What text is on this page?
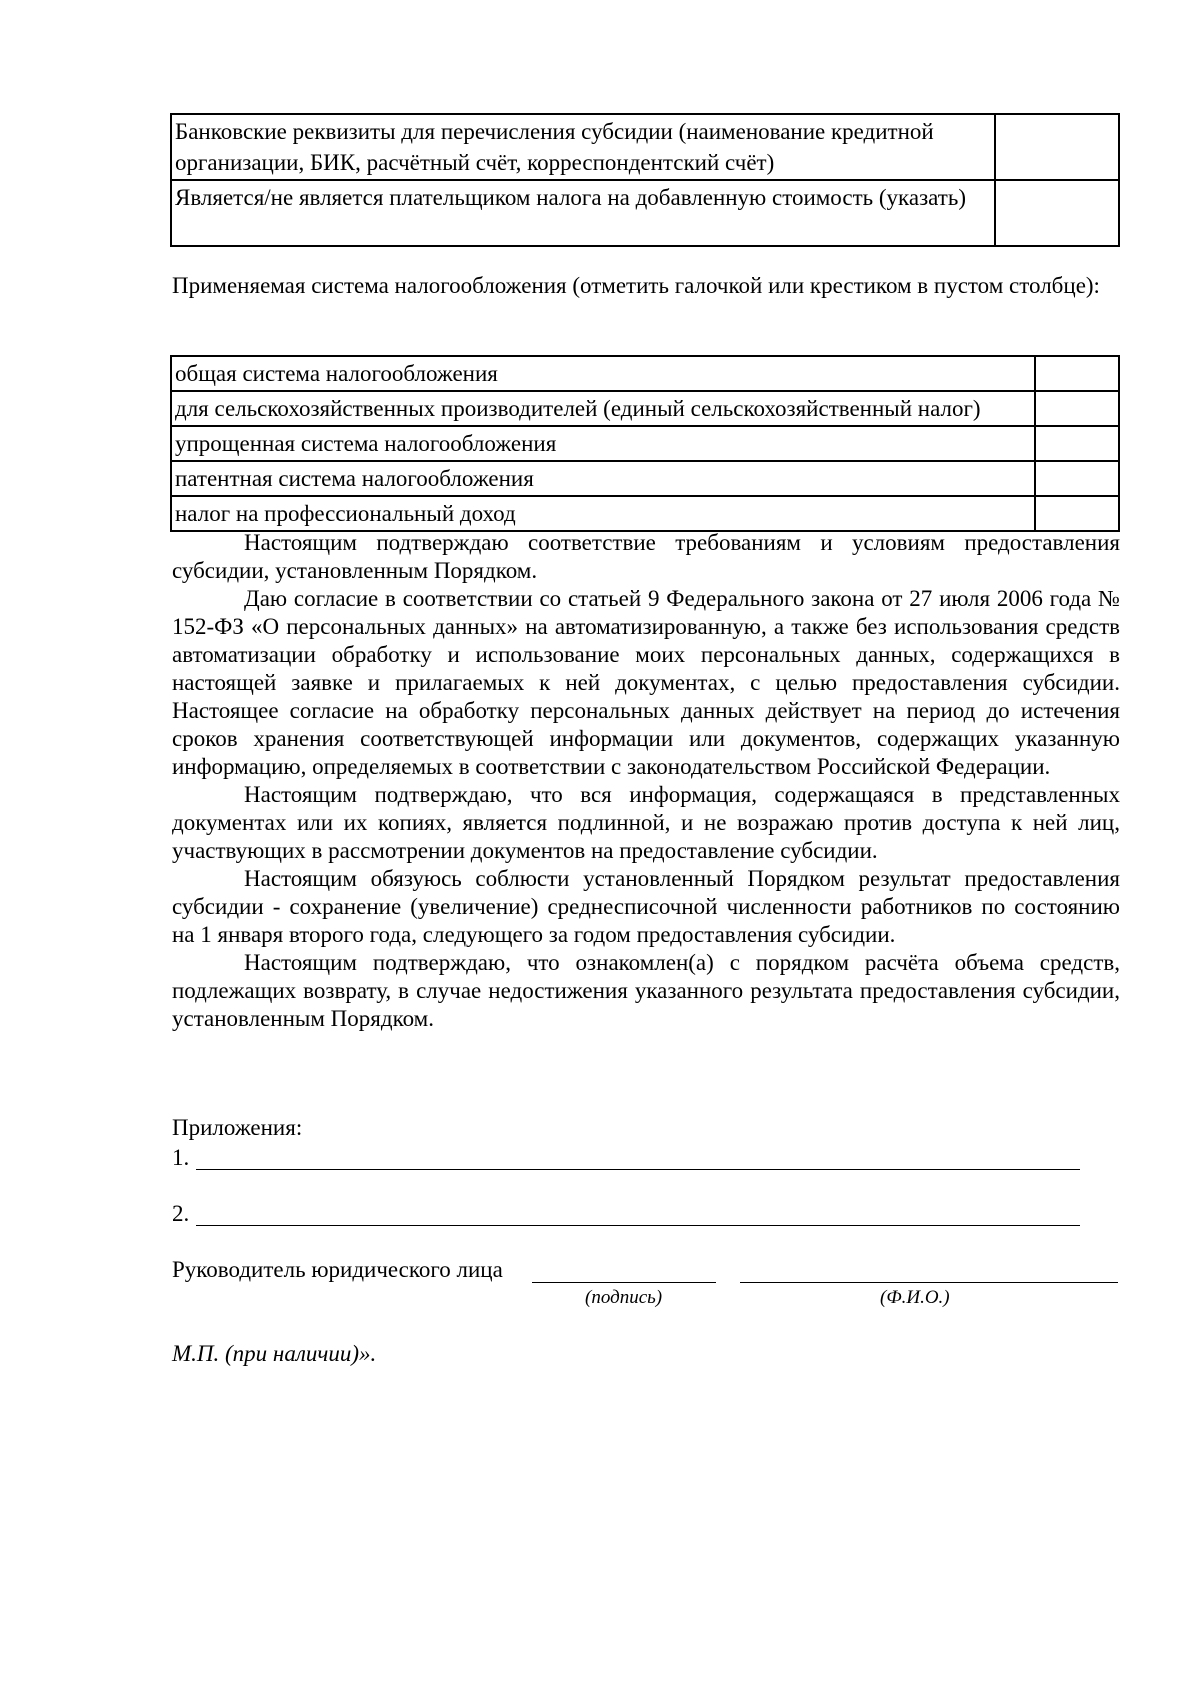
Банковские реквизиты для перечисления субсидии (наименование кредитной организации, БИК, расчётный счёт, корреспондентский счёт)	
Является/не является плательщиком налога на добавленную стоимость (указать)	
Применяемая система налогообложения (отметить галочкой или крестиком в пустом столбце):
общая система налогообложения	
для сельскохозяйственных производителей (единый сельскохозяйственный налог)	
упрощенная система налогообложения	
патентная система налогообложения	
налог на профессиональный доход	

Настоящим подтверждаю соответствие требованиям и условиям предоставления субсидии, установленным Порядком.

Даю согласие в соответствии со статьей 9 Федерального закона от 27 июля 2006 года № 152-ФЗ «О персональных данных» на автоматизированную, а также без использования средств автоматизации обработку и использование моих персональных данных, содержащихся в настоящей заявке и прилагаемых к ней документах, с целью предоставления субсидии. Настоящее согласие на обработку персональных данных действует на период до истечения сроков хранения соответствующей информации или документов, содержащих указанную информацию, определяемых в соответствии с законодательством Российской Федерации.

Настоящим подтверждаю, что вся информация, содержащаяся в представленных документах или их копиях, является подлинной, и не возражаю против доступа к ней лиц, участвующих в рассмотрении документов на предоставление субсидии.

Настоящим обязуюсь соблюсти установленный Порядком результат предоставления субсидии - сохранение (увеличение) среднесписочной численности работников по состоянию на 1 января второго года, следующего за годом предоставления субсидии.

Настоящим подтверждаю, что ознакомлен(а) с порядком расчёта объема средств, подлежащих возврату, в случае недостижения указанного результата предоставления субсидии, установленным Порядком.

Приложения:
1.
2.
Руководитель юридического лица
(подпись)	(Ф.И.О.)
М.П. (при наличии)».
